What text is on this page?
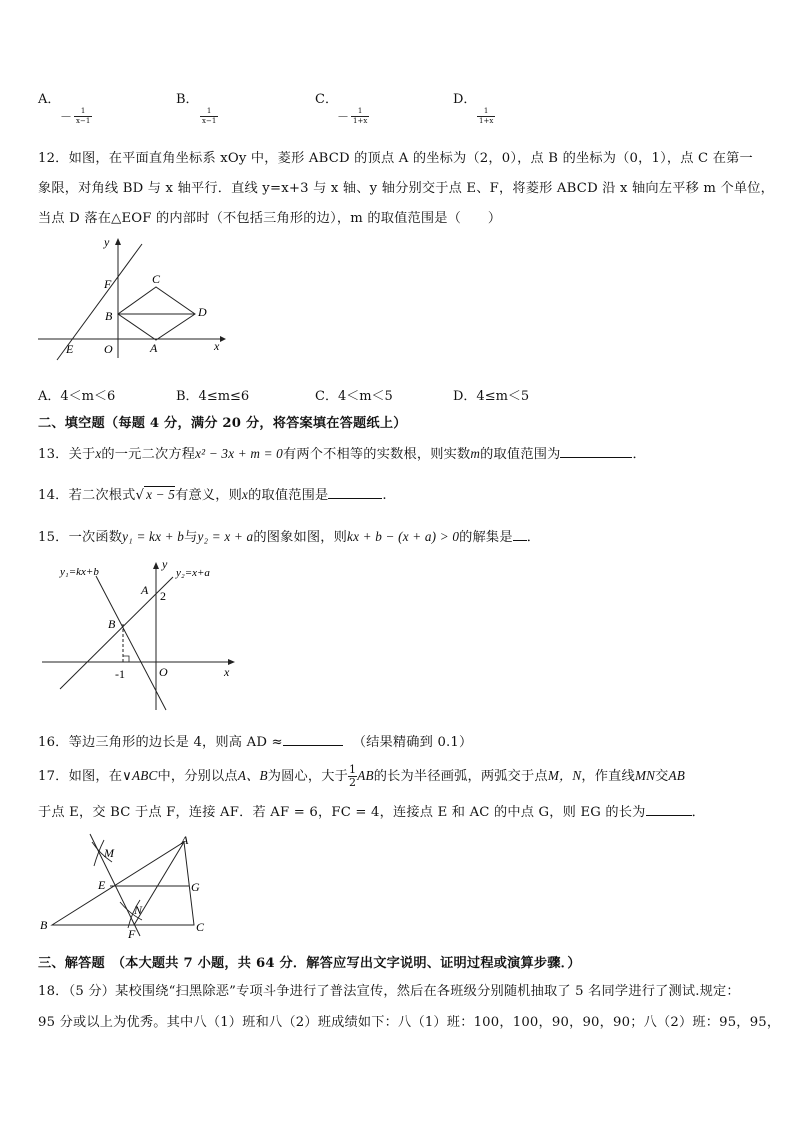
A．
－ $\frac{1}{x-1}$
B．

$\frac{1}{x-1}$
C．
－ $\frac{1}{1+x}$
D．

$\frac{1}{1+x}$
12．如图，在平面直角坐标系 xOy 中，菱形 ABCD 的顶点 A 的坐标为（2，0），点 B 的坐标为（0，1），点 C 在第一
象限，对角线 BD 与 x 轴平行．直线 y=x+3 与 x 轴、y 轴分别交于点 E、F，将菱形 ABCD 沿 x 轴向左平移 m 个单位，
当点 D 落在△EOF 的内部时（不包括三角形的边），m 的取值范围是（　　）
y
x
F	C
B	D
E	O	A
A．4＜m＜6	B．4≤m≤6	C．4＜m＜5	D．4≤m＜5
二、填空题（每题 4 分，满分 20 分，将答案填在答题纸上）
13．关于x的一元二次方程x² − 3x + m = 0有两个不相等的实数根，则实数m的取值范围为	．
14．若二次根式√ x − 5有意义，则x的取值范围是	.
15．一次函数y₁ = kx + b与y₂ = x + a的图象如图，则kx + b − (x + a) > 0的解集是 ．
y₁=kx+b	y₂=x+a
y
A 2
B
-1	O	x
16．等边三角形的边长是 4，则高 AD ≈	（结果精确到 0.1）
17．如图，在∨ABC中，分别以点A、B为圆心，大于 $\frac{1}{2}$ AB的长为半径画弧，两弧交于点M，N，作直线MN交AB
于点 E，交 BC 于点 F，连接 AF．若 AF = 6，FC = 4，连接点 E 和 AC 的中点 G，则 EG 的长为	．
A
M
E	G
N
B
F	C
三、解答题　（本大题共 7 小题，共 64 分．解答应写出文字说明、证明过程或演算步骤．）
18．（5 分）某校围绕“扫黑除恶”专项斗争进行了普法宣传，然后在各班级分别随机抽取了 5 名同学进行了测试.规定：
95 分或以上为优秀。其中八（1）班和八（2）班成绩如下：八（1）班：100，100，90，90，90；八（2）班：95，95，
